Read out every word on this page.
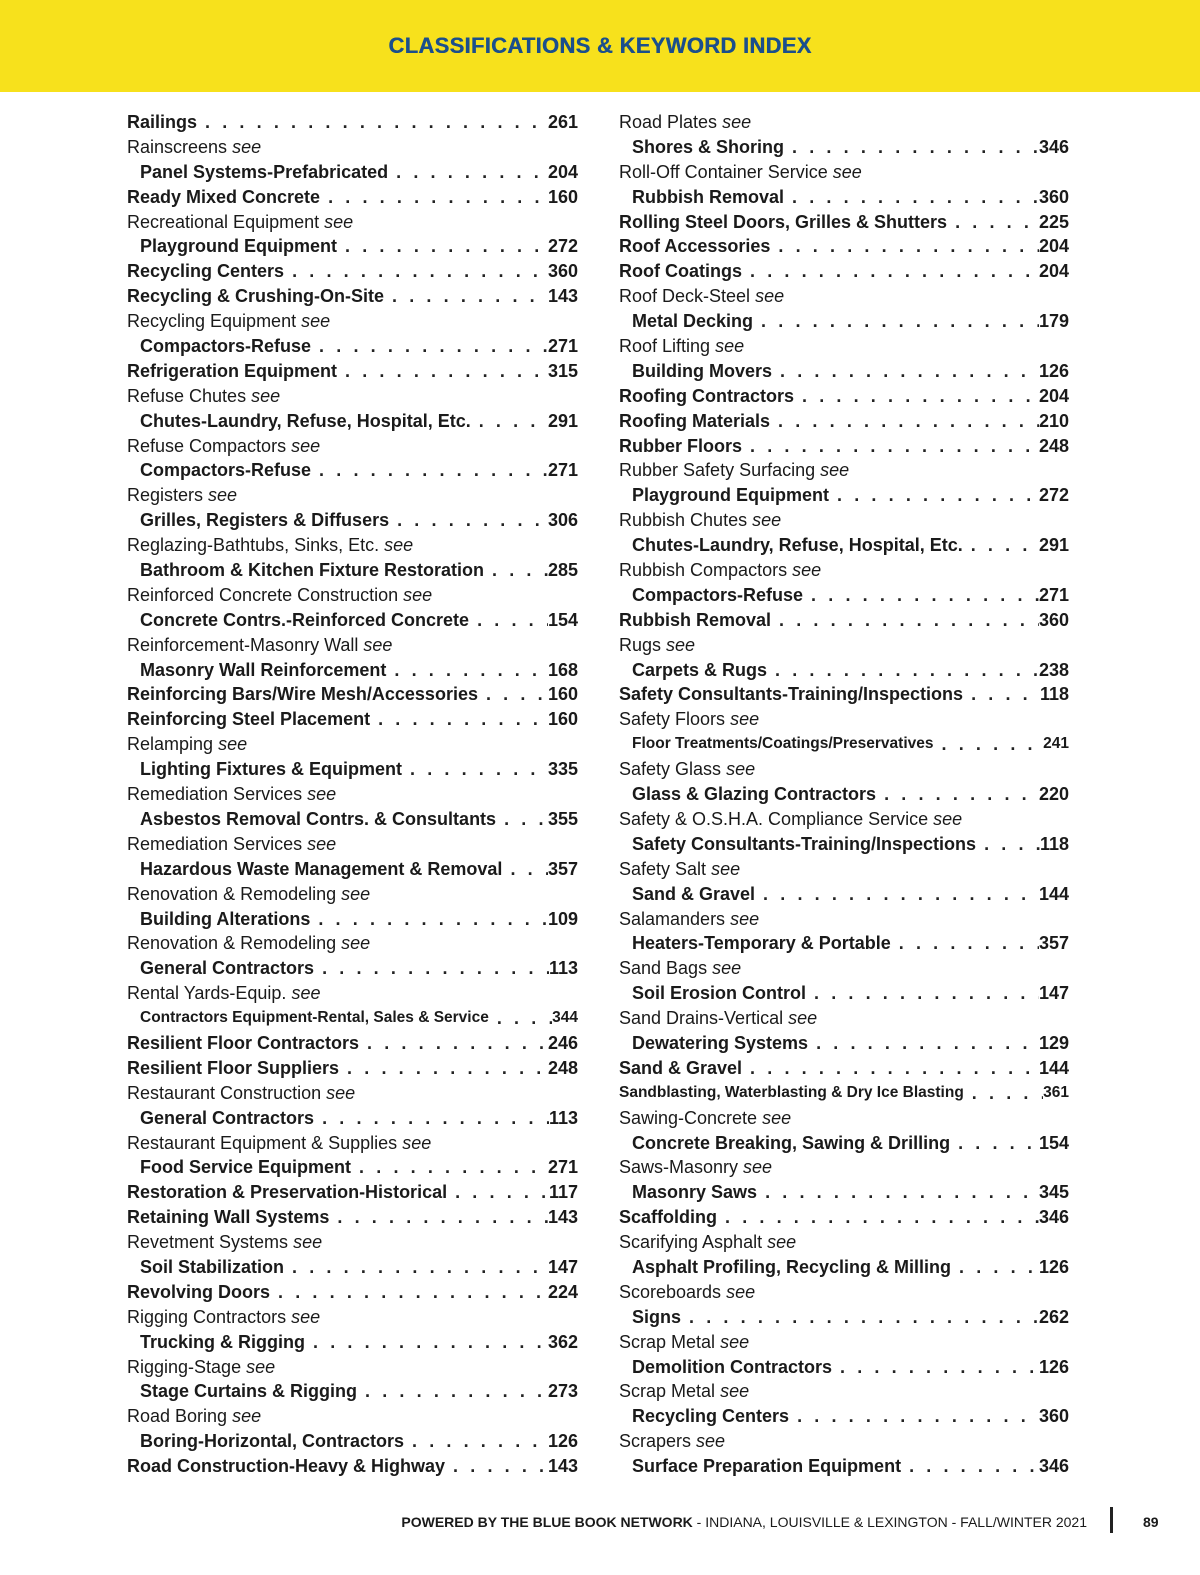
CLASSIFICATIONS & KEYWORD INDEX
Railings . . .	261
Rainscreens
see
Panel Systems-Prefabricated . . .	204
Ready Mixed Concrete . . .	160
Recreational Equipment
see
Playground Equipment . . .	272
Recycling Centers . . .	360
Recycling & Crushing-On-Site . . .	143
Recycling Equipment
see
Compactors-Refuse . . .	271
Refrigeration Equipment . . .	315
Refuse Chutes
see
Chutes-Laundry, Refuse, Hospital, Etc. . . .	291
Refuse Compactors
see
Compactors-Refuse . . .	271
Registers
see
Grilles, Registers & Diffusers . . .	306
Reglazing-Bathtubs, Sinks, Etc.
see
Bathroom & Kitchen Fixture Restoration . . .	285
Reinforced Concrete Construction
see
Concrete Contrs.-Reinforced Concrete . . .	154
Reinforcement-Masonry Wall
see
Masonry Wall Reinforcement . . .	168
Reinforcing Bars/Wire Mesh/Accessories . . .	160
Reinforcing Steel Placement . . .	160
Relamping
see
Lighting Fixtures & Equipment . . .	335
Remediation Services
see
Asbestos Removal Contrs. & Consultants . . .	355
Remediation Services
see
Hazardous Waste Management & Removal . . .	357
Renovation & Remodeling
see
Building Alterations . . .	109
Renovation & Remodeling
see
General Contractors . . .	113
Rental Yards-Equip.
see
Contractors Equipment-Rental, Sales & Service . . .	344
Resilient Floor Contractors . . .	246
Resilient Floor Suppliers . . .	248
Restaurant Construction
see
General Contractors . . .	113
Restaurant Equipment & Supplies
see
Food Service Equipment . . .	271
Restoration & Preservation-Historical . . .	117
Retaining Wall Systems . . .	143
Revetment Systems
see
Soil Stabilization . . .	147
Revolving Doors . . .	224
Rigging Contractors
see
Trucking & Rigging . . .	362
Rigging-Stage
see
Stage Curtains & Rigging . . .	273
Road Boring
see
Boring-Horizontal, Contractors . . .	126
Road Construction-Heavy & Highway . . .	143
Road Plates
see
Shores & Shoring . . .	346
Roll-Off Container Service
see
Rubbish Removal . . .	360
Rolling Steel Doors, Grilles & Shutters . . .	225
Roof Accessories . . .	204
Roof Coatings . . .	204
Roof Deck-Steel
see
Metal Decking . . .	179
Roof Lifting
see
Building Movers . . .	126
Roofing Contractors . . .	204
Roofing Materials . . .	210
Rubber Floors . . .	248
Rubber Safety Surfacing
see
Playground Equipment . . .	272
Rubbish Chutes
see
Chutes-Laundry, Refuse, Hospital, Etc. . . .	291
Rubbish Compactors
see
Compactors-Refuse . . .	271
Rubbish Removal . . .	360
Rugs
see
Carpets & Rugs . . .	238
Safety Consultants-Training/Inspections . . .	118
Safety Floors
see
Floor Treatments/Coatings/Preservatives . . .	241
Safety Glass
see
Glass & Glazing Contractors . . .	220
Safety & O.S.H.A. Compliance Service
see
Safety Consultants-Training/Inspections . . .	118
Safety Salt
see
Sand & Gravel . . .	144
Salamanders
see
Heaters-Temporary & Portable . . .	357
Sand Bags
see
Soil Erosion Control . . .	147
Sand Drains-Vertical
see
Dewatering Systems . . .	129
Sand & Gravel . . .	144
Sandblasting, Waterblasting & Dry Ice Blasting . . .	361
Sawing-Concrete
see
Concrete Breaking, Sawing & Drilling . . .	154
Saws-Masonry
see
Masonry Saws . . .	345
Scaffolding . . .	346
Scarifying Asphalt
see
Asphalt Profiling, Recycling & Milling . . .	126
Scoreboards
see
Signs . . .	262
Scrap Metal
see
Demolition Contractors . . .	126
Scrap Metal
see
Recycling Centers . . .	360
Scrapers
see
Surface Preparation Equipment . . .	346
POWERED BY THE BLUE BOOK NETWORK - INDIANA, LOUISVILLE & LEXINGTON - FALL/WINTER 2021	89
